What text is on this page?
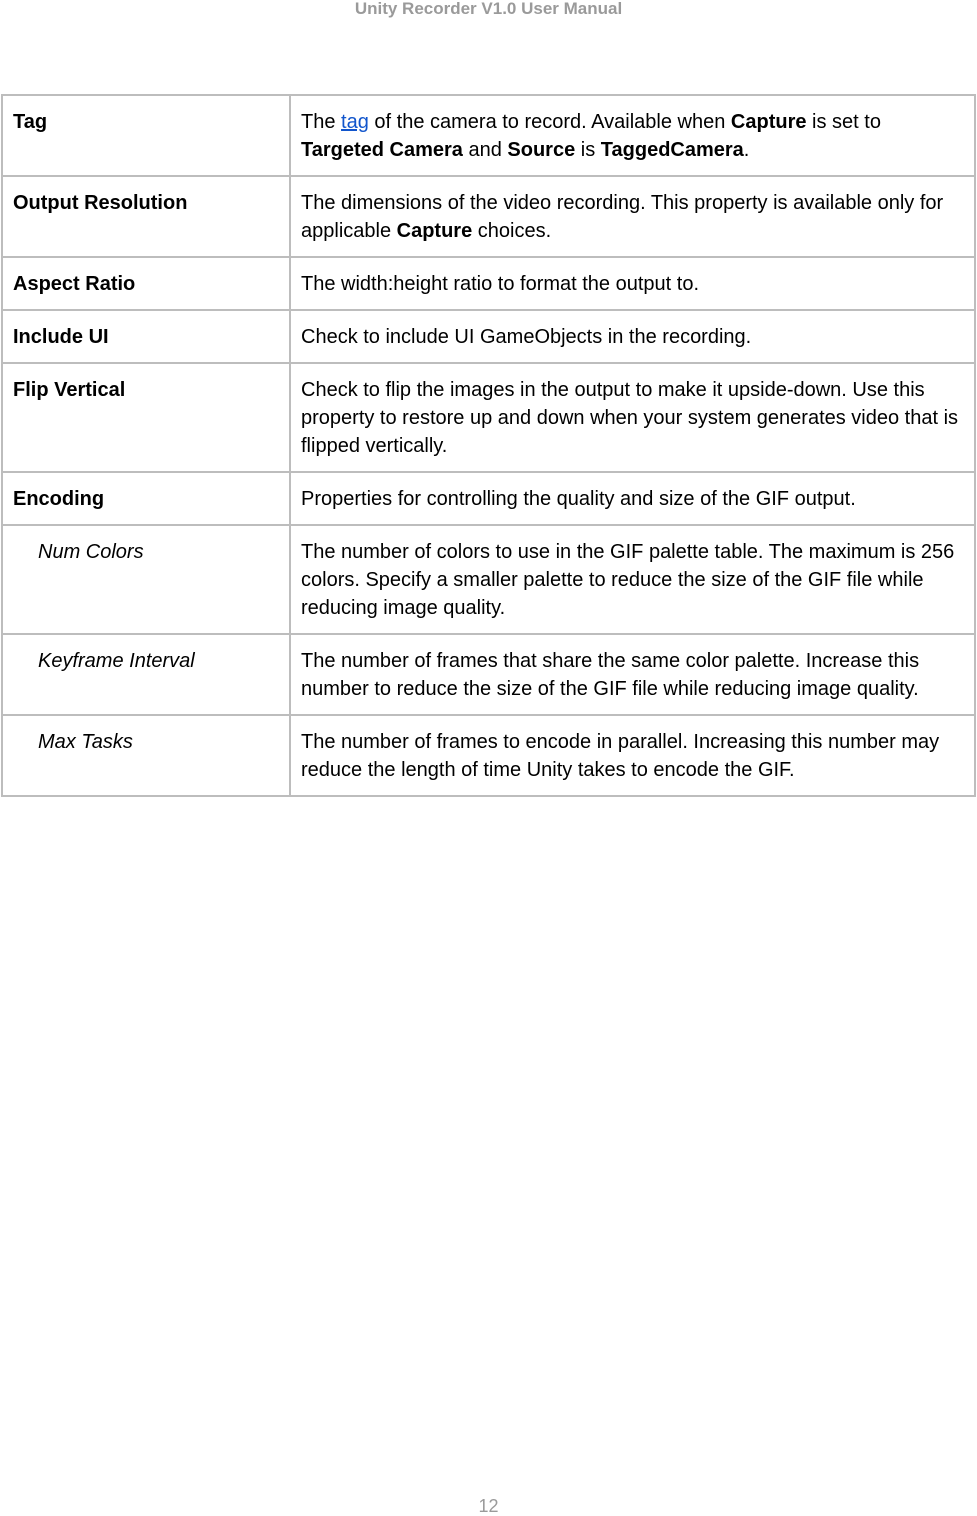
Unity Recorder V1.0 User Manual
Tag	The tag of the camera to record. Available when Capture is set to Targeted Camera and Source is TaggedCamera.
Output Resolution	The dimensions of the video recording. This property is available only for applicable Capture choices.
Aspect Ratio	The width:height ratio to format the output to.
Include UI	Check to include UI GameObjects in the recording.
Flip Vertical	Check to flip the images in the output to make it upside-down. Use this property to restore up and down when your system generates video that is flipped vertically.
Encoding	Properties for controlling the quality and size of the GIF output.
Num Colors	The number of colors to use in the GIF palette table. The maximum is 256 colors. Specify a smaller palette to reduce the size of the GIF file while reducing image quality.
Keyframe Interval	The number of frames that share the same color palette. Increase this number to reduce the size of the GIF file while reducing image quality.
Max Tasks	The number of frames to encode in parallel. Increasing this number may reduce the length of time Unity takes to encode the GIF.
12
